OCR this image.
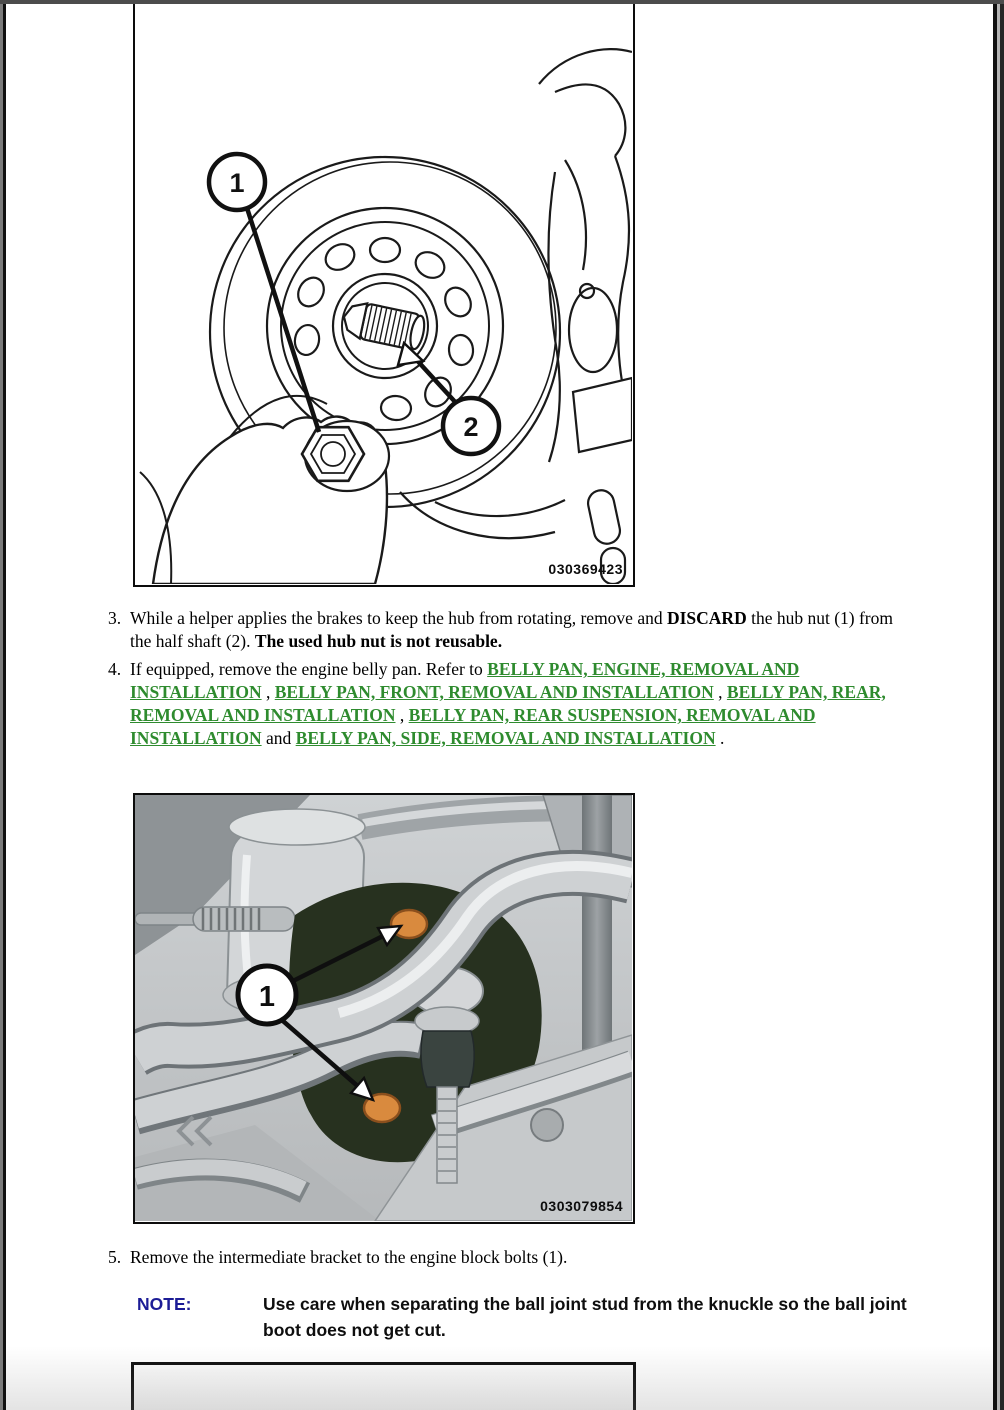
1
2
030369423
3. While a helper applies the brakes to keep the hub from rotating, remove and DISCARD the hub nut (1) from the half shaft (2). The used hub nut is not reusable.
4. If equipped, remove the engine belly pan. Refer to BELLY PAN, ENGINE, REMOVAL AND INSTALLATION , BELLY PAN, FRONT, REMOVAL AND INSTALLATION , BELLY PAN, REAR, REMOVAL AND INSTALLATION , BELLY PAN, REAR SUSPENSION, REMOVAL AND INSTALLATION and BELLY PAN, SIDE, REMOVAL AND INSTALLATION .
1
0303079854
5. Remove the intermediate bracket to the engine block bolts (1).
NOTE:	Use care when separating the ball joint stud from the knuckle so the ball joint boot does not get cut.
